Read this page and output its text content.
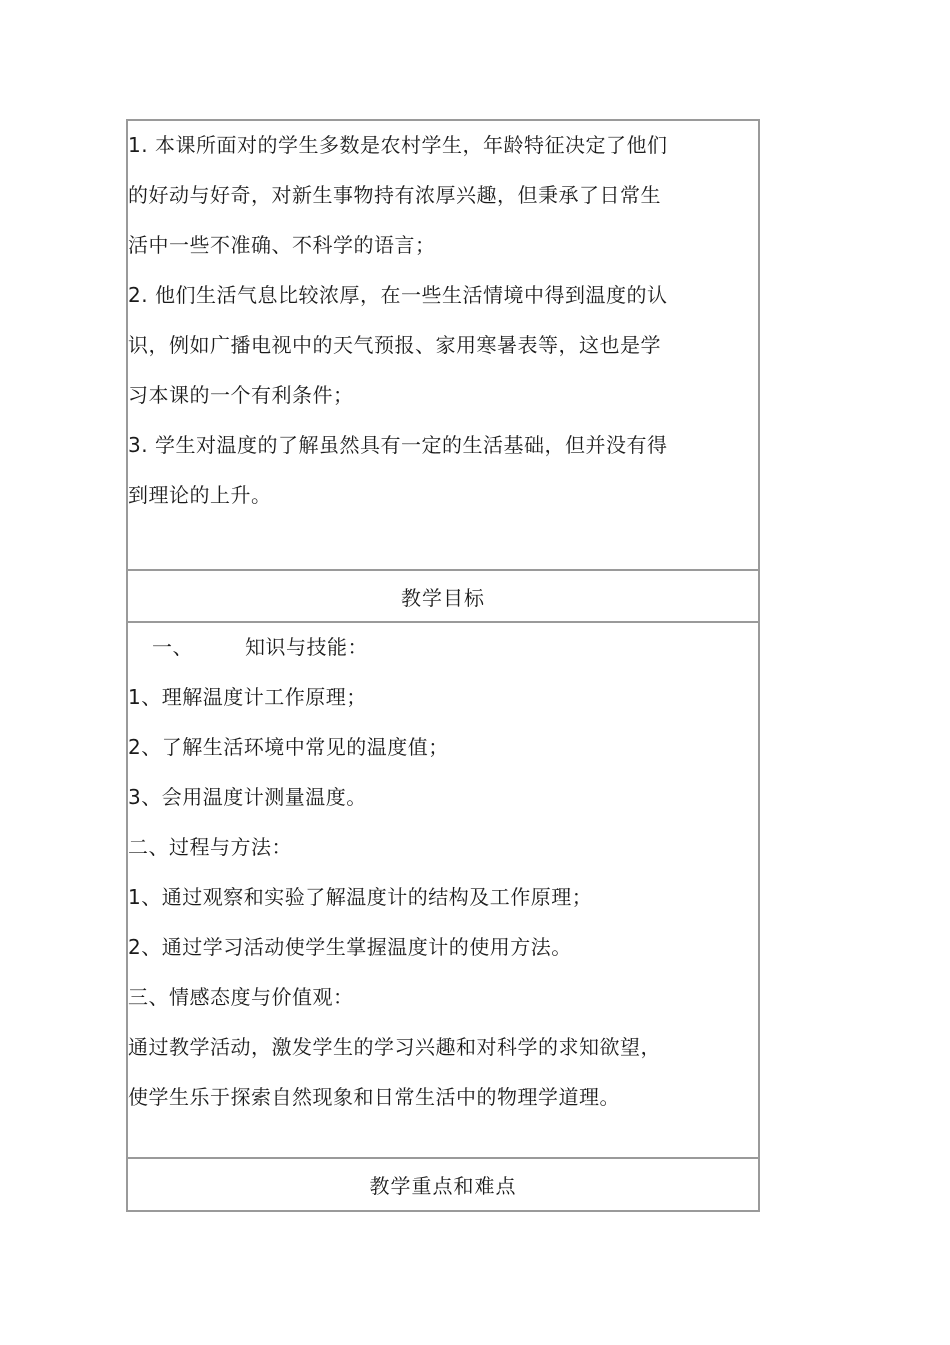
1. 本课所面对的学生多数是农村学生，年龄特征决定了他们
的好动与好奇，对新生事物持有浓厚兴趣，但秉承了日常生
活中一些不准确、不科学的语言；
2. 他们生活气息比较浓厚，在一些生活情境中得到温度的认
识，例如广播电视中的天气预报、家用寒暑表等，这也是学
习本课的一个有利条件；
3. 学生对温度的了解虽然具有一定的生活基础，但并没有得
到理论的上升。
教学目标
一、	知识与技能：
1、理解温度计工作原理；
2、了解生活环境中常见的温度值；
3、会用温度计测量温度。
二、过程与方法：
1、通过观察和实验了解温度计的结构及工作原理；
2、通过学习活动使学生掌握温度计的使用方法。
三、情感态度与价值观：
通过教学活动，激发学生的学习兴趣和对科学的求知欲望，
使学生乐于探索自然现象和日常生活中的物理学道理。
教学重点和难点
